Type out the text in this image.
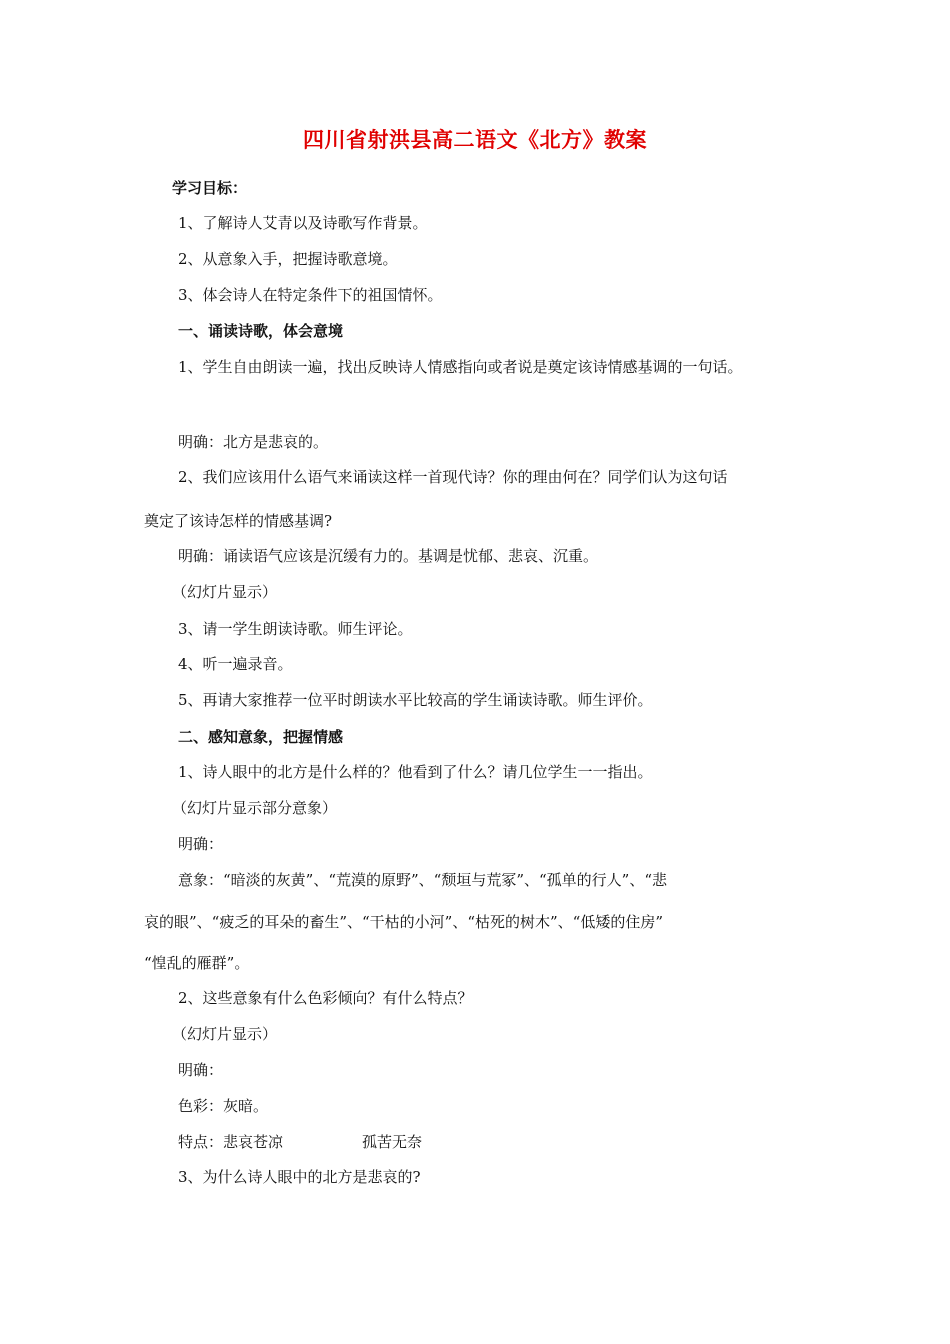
四川省射洪县高二语文《北方》教案
学习目标：
1、了解诗人艾青以及诗歌写作背景。
2、从意象入手，把握诗歌意境。
3、体会诗人在特定条件下的祖国情怀。
一、诵读诗歌，体会意境
1、学生自由朗读一遍，找出反映诗人情感指向或者说是奠定该诗情感基调的一句话。
明确：北方是悲哀的。
2、我们应该用什么语气来诵读这样一首现代诗？你的理由何在？同学们认为这句话
奠定了该诗怎样的情感基调?
明确：诵读语气应该是沉缓有力的。基调是忧郁、悲哀、沉重。
（幻灯片显示）
3、请一学生朗读诗歌。师生评论。
4、听一遍录音。
5、再请大家推荐一位平时朗读水平比较高的学生诵读诗歌。师生评价。
二、感知意象，把握情感
1、诗人眼中的北方是什么样的？他看到了什么？请几位学生一一指出。
（幻灯片显示部分意象）
明确：
意象：“暗淡的灰黄”、“荒漠的原野”、“颓垣与荒冢”、“孤单的行人”、“悲
哀的眼”、“疲乏的耳朵的畜生”、“干枯的小河”、“枯死的树木”、“低矮的住房”
“惶乱的雁群”。
2、这些意象有什么色彩倾向？有什么特点？
（幻灯片显示）
明确：
色彩：灰暗。
特点：悲哀苍凉	孤苦无奈
3、为什么诗人眼中的北方是悲哀的?
